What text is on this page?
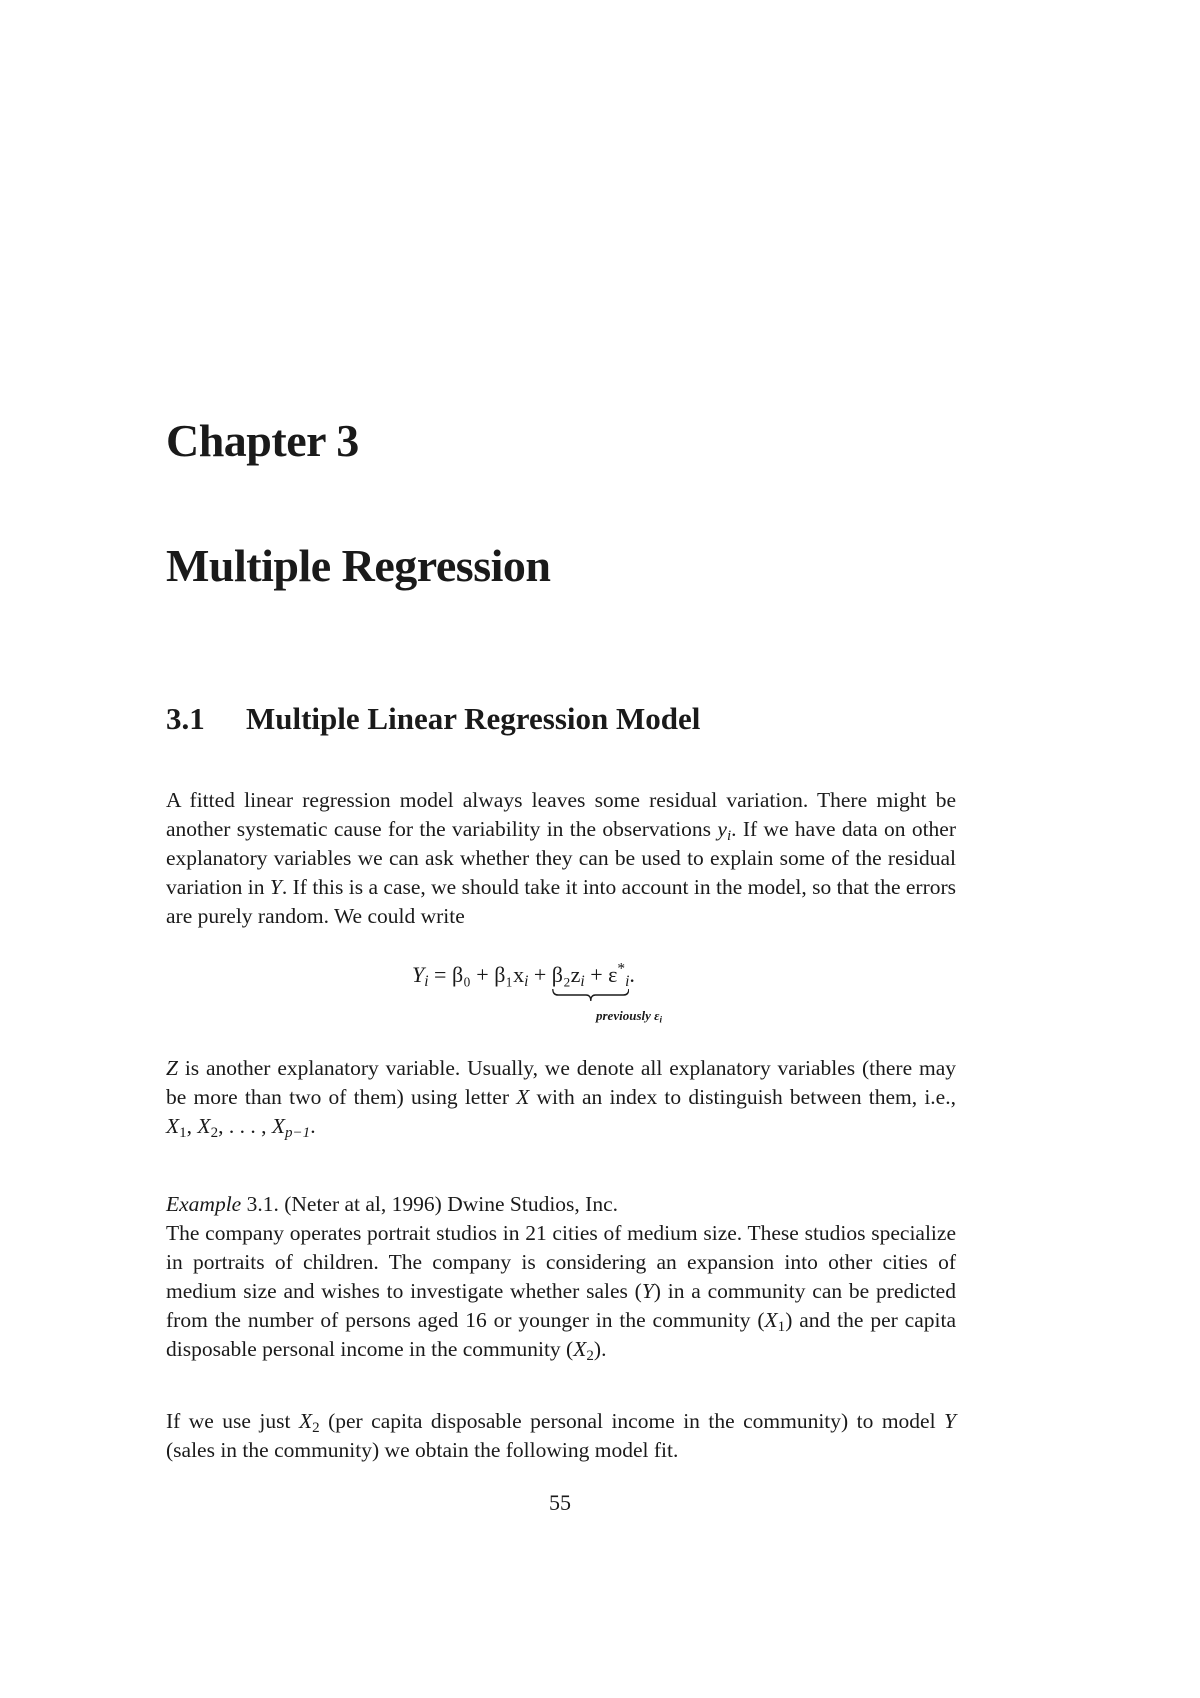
Chapter 3
Multiple Regression
3.1 Multiple Linear Regression Model
A fitted linear regression model always leaves some residual variation. There might be another systematic cause for the variability in the observations $y_i$. If we have data on other explanatory variables we can ask whether they can be used to explain some of the residual variation in Y. If this is a case, we should take it into account in the model, so that the errors are purely random. We could write
$Y_i = \beta_0 + \beta_1x_i + \beta_2z_i + \varepsilon^*_i$
.
previously $\varepsilon_i$
Z is another explanatory variable. Usually, we denote all explanatory variables (there may be more than two of them) using letter X with an index to distinguish between them, i.e., $X_1$, $X_2$, . . . , $X_{p-1}$.
Example 3.1. (Neter at al, 1996) Dwine Studios, Inc.
The company operates portrait studios in 21 cities of medium size. These studios specialize in portraits of children. The company is considering an expansion into other cities of medium size and wishes to investigate whether sales (Y) in a community can be predicted from the number of persons aged 16 or younger in the community $(X_1)$ and the per capita disposable personal income in the community $(X_2)$.
If we use just $X_2$ (per capita disposable personal income in the community) to model Y (sales in the community) we obtain the following model fit.
55
